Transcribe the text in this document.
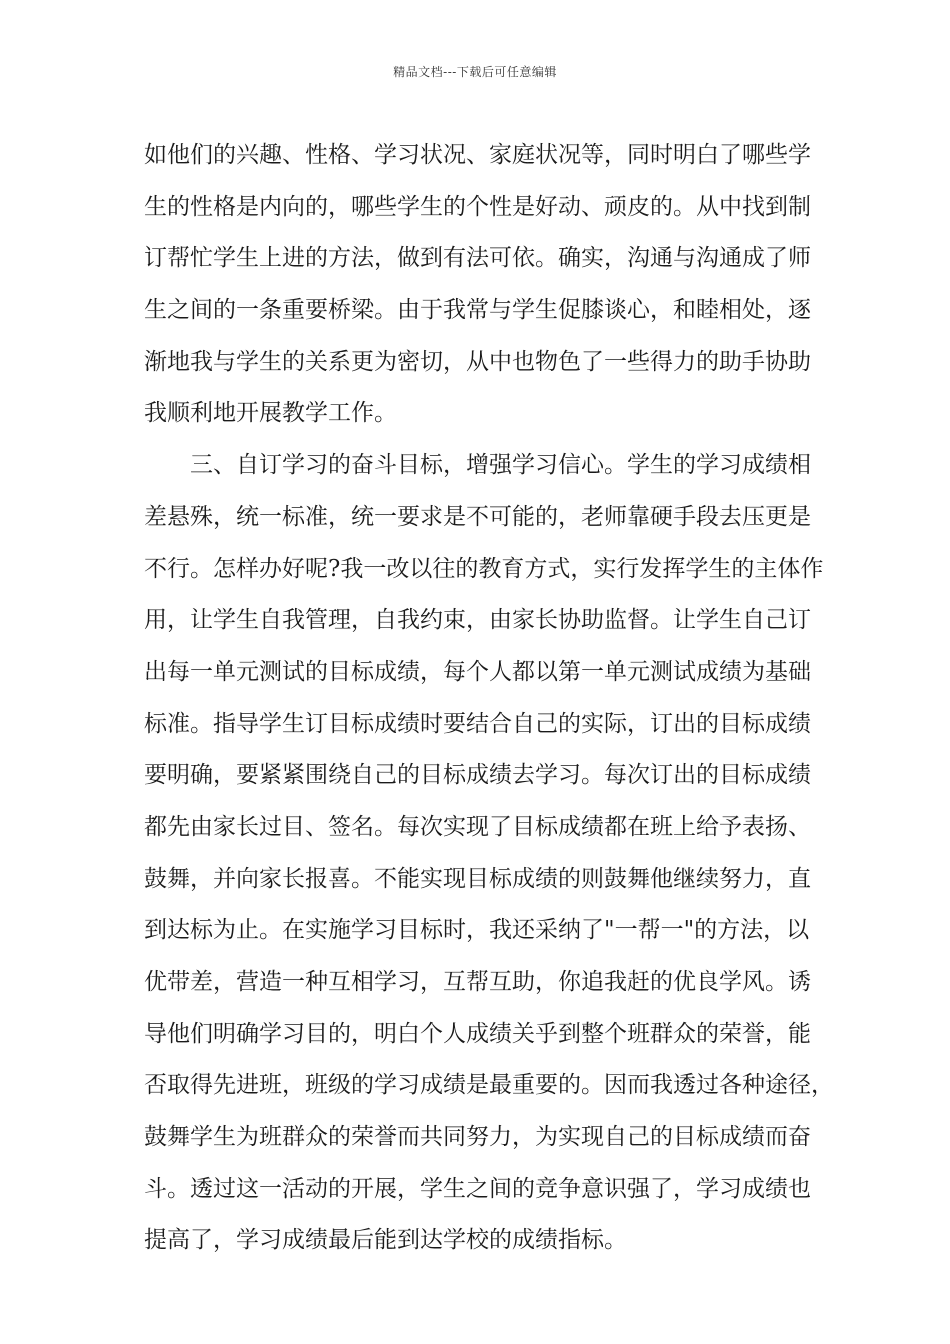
精品文档---下载后可任意编辑
如他们的兴趣、性格、学习状况、家庭状况等，同时明白了哪些学
生的性格是内向的，哪些学生的个性是好动、顽皮的。从中找到制
订帮忙学生上进的方法，做到有法可依。确实，沟通与沟通成了师
生之间的一条重要桥梁。由于我常与学生促膝谈心，和睦相处，逐
渐地我与学生的关系更为密切，从中也物色了一些得力的助手协助
我顺利地开展教学工作。
三、自订学习的奋斗目标，增强学习信心。学生的学习成绩相
差悬殊，统一标准，统一要求是不可能的，老师靠硬手段去压更是
不行。怎样办好呢?我一改以往的教育方式，实行发挥学生的主体作
用，让学生自我管理，自我约束，由家长协助监督。让学生自己订
出每一单元测试的目标成绩，每个人都以第一单元测试成绩为基础
标准。指导学生订目标成绩时要结合自己的实际，订出的目标成绩
要明确，要紧紧围绕自己的目标成绩去学习。每次订出的目标成绩
都先由家长过目、签名。每次实现了目标成绩都在班上给予表扬、
鼓舞，并向家长报喜。不能实现目标成绩的则鼓舞他继续努力，直
到达标为止。在实施学习目标时，我还采纳了"一帮一"的方法，以
优带差，营造一种互相学习，互帮互助，你追我赶的优良学风。诱
导他们明确学习目的，明白个人成绩关乎到整个班群众的荣誉，能
否取得先进班，班级的学习成绩是最重要的。因而我透过各种途径，
鼓舞学生为班群众的荣誉而共同努力，为实现自己的目标成绩而奋
斗。透过这一活动的开展，学生之间的竞争意识强了，学习成绩也
提高了，学习成绩最后能到达学校的成绩指标。
